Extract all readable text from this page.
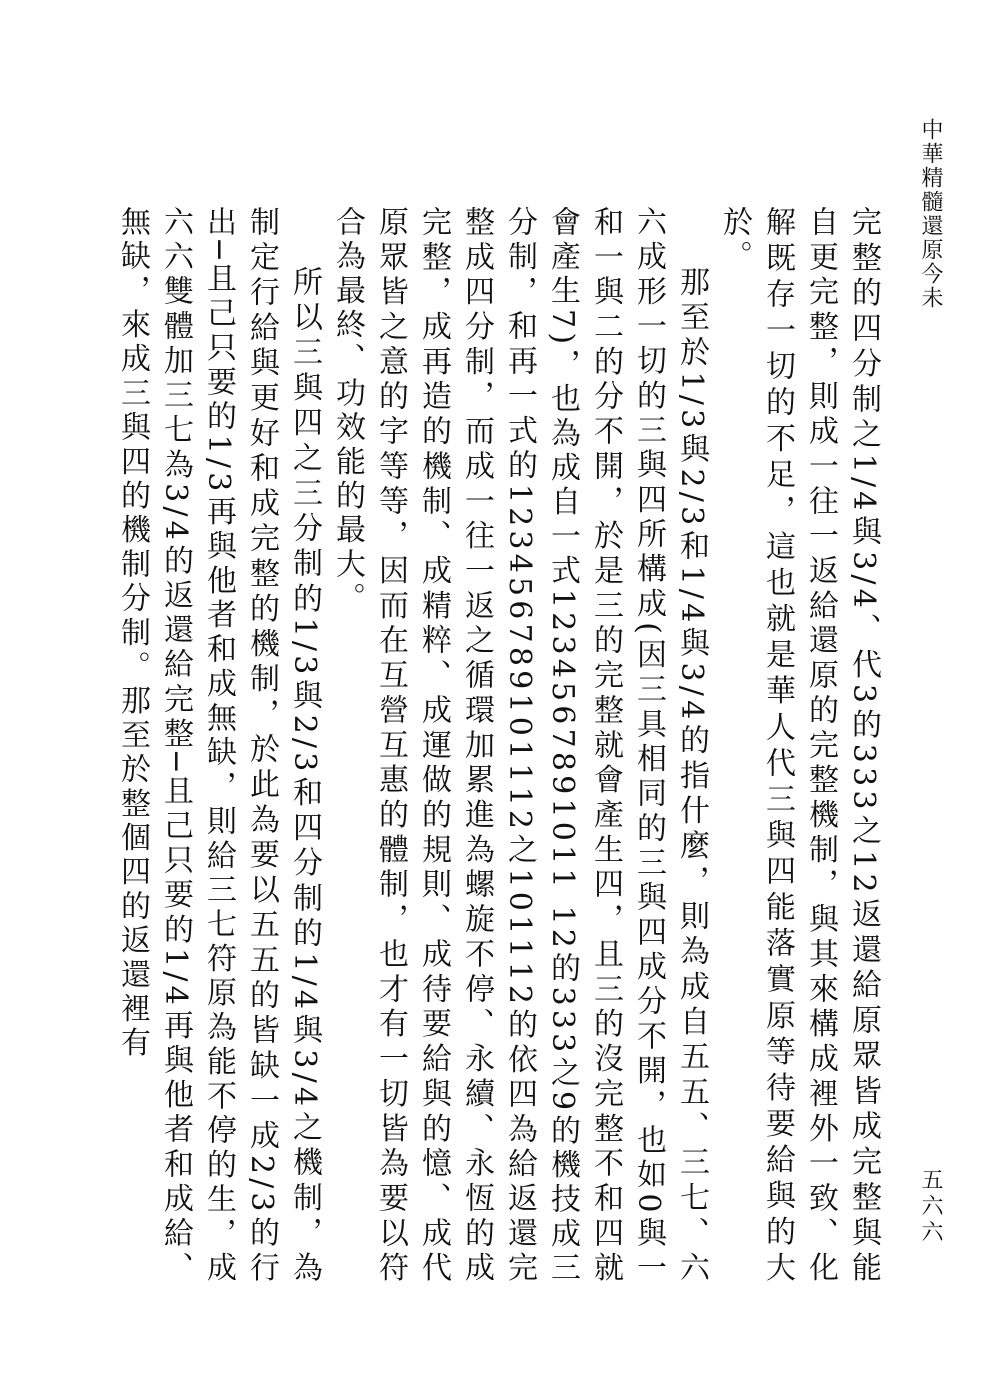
中華精髓還原今未

完整的四分制之1/4與3/4、代3的333之12返還給原眾皆成完整與能自更完整，則成一往一返給還原的完整機制，與其來構成裡外一致、化解既存一切的不足，這也就是華人代三與四能落實原等待要給與的大於。

那至於1/3與2/3和1/4與3/4的指什麼，則為成自五五、三七、六六成形一切的三與四所構成(因三具相同的三與四成分不開，也如0與一和一與二的分不開，於是三的完整就會產生四，且三的沒完整不和四就會產生7)，也為成自一式1234567891011 12的333之9的機技成三分制，和再一式的123456789101112之101112的依四為給返還完整成四分制，而成一往一返之循環加累進為螺旋不停、永續、永恆的成完整，成再造的機制、成精粹、成運做的規則、成待要給與的憶、成代原眾皆之意的字等等，因而在互營互惠的體制，也才有一切皆為要以符合為最終、功效能的最大。

所以三與四之三分制的1/3與2/3和四分制的1/4與3/4之機制，為制定行給與更好和成完整的機制，於此為要以五五的皆缺一成2/3的行出─且己只要的1/3再與他者和成無缺，則給三七符原為能不停的生，成六六雙體加三七為3/4的返還給完整─且己只要的1/4再與他者和成給、無缺，來成三與四的機制分制。那至於整個四的返還裡有

五六六
